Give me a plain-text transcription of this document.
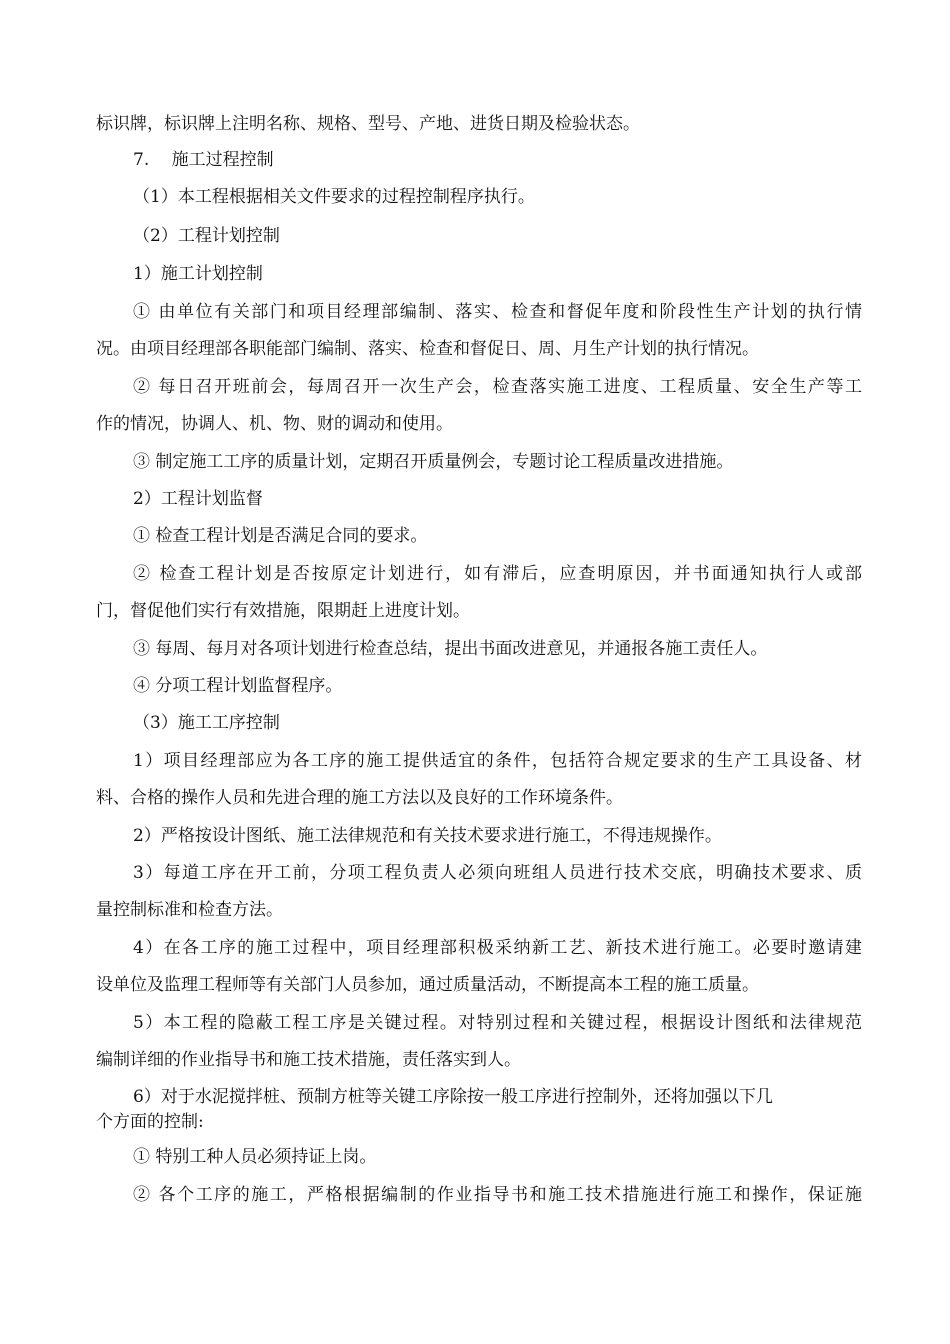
标识牌，标识牌上注明名称、规格、型号、产地、进货日期及检验状态。
7.　 施工过程控制
（1）本工程根据相关文件要求的过程控制程序执行。
（2）工程计划控制
1）施工计划控制
① 由单位有关部门和项目经理部编制、落实、检查和督促年度和阶段性生产计划的执行情
况。由项目经理部各职能部门编制、落实、检查和督促日、周、月生产计划的执行情况。
② 每日召开班前会，每周召开一次生产会，检查落实施工进度、工程质量、安全生产等工
作的情况，协调人、机、物、财的调动和使用。
③ 制定施工工序的质量计划，定期召开质量例会，专题讨论工程质量改进措施。
2）工程计划监督
① 检查工程计划是否满足合同的要求。
② 检查工程计划是否按原定计划进行，如有滞后，应查明原因，并书面通知执行人或部
门，督促他们实行有效措施，限期赶上进度计划。
③ 每周、每月对各项计划进行检查总结，提出书面改进意见，并通报各施工责任人。
④ 分项工程计划监督程序。
（3）施工工序控制
1）项目经理部应为各工序的施工提供适宜的条件，包括符合规定要求的生产工具设备、材
料、合格的操作人员和先进合理的施工方法以及良好的工作环境条件。
2）严格按设计图纸、施工法律规范和有关技术要求进行施工，不得违规操作。
3）每道工序在开工前，分项工程负责人必须向班组人员进行技术交底，明确技术要求、质
量控制标准和检查方法。
4）在各工序的施工过程中，项目经理部积极采纳新工艺、新技术进行施工。必要时邀请建
设单位及监理工程师等有关部门人员参加，通过质量活动，不断提高本工程的施工质量。
5）本工程的隐蔽工程工序是关键过程。对特别过程和关键过程，根据设计图纸和法律规范
编制详细的作业指导书和施工技术措施，责任落实到人。
6）对于水泥搅拌桩、预制方桩等关键工序除按一般工序进行控制外，还将加强以下几
个方面的控制:
① 特别工种人员必须持证上岗。
② 各个工序的施工，严格根据编制的作业指导书和施工技术措施进行施工和操作，保证施
